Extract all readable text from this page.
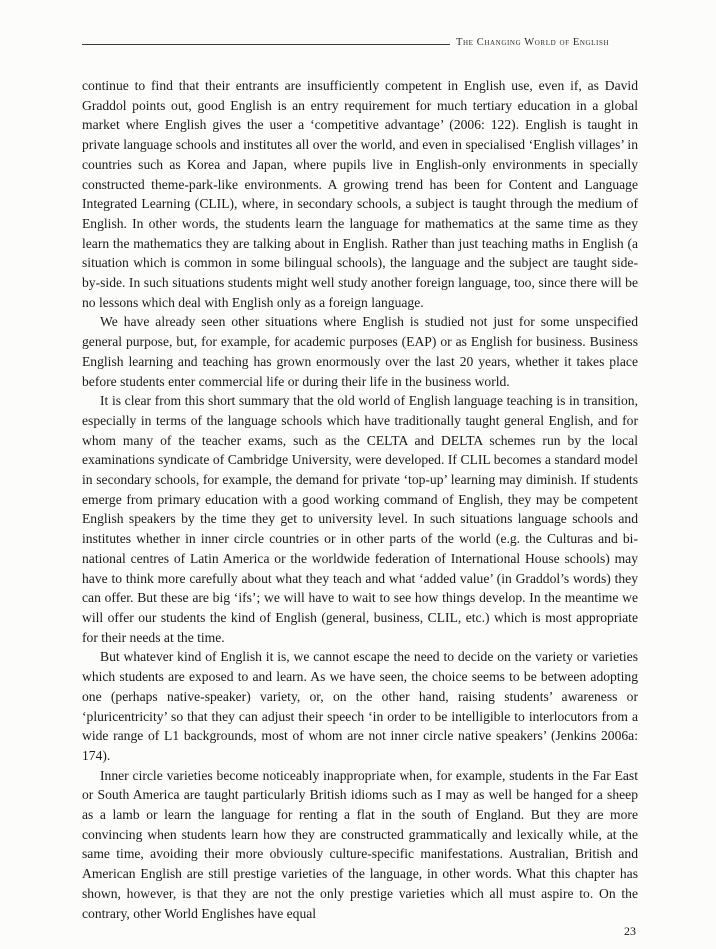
The Changing World of English

continue to find that their entrants are insufficiently competent in English use, even if, as David Graddol points out, good English is an entry requirement for much tertiary education in a global market where English gives the user a ‘competitive advantage’ (2006: 122). English is taught in private language schools and institutes all over the world, and even in specialised ‘English villages’ in countries such as Korea and Japan, where pupils live in English-only environments in specially constructed theme-park-like environments. A growing trend has been for Content and Language Integrated Learning (CLIL), where, in secondary schools, a subject is taught through the medium of English. In other words, the students learn the language for mathematics at the same time as they learn the mathematics they are talking about in English. Rather than just teaching maths in English (a situation which is common in some bilingual schools), the language and the subject are taught side-by-side. In such situations students might well study another foreign language, too, since there will be no lessons which deal with English only as a foreign language.

We have already seen other situations where English is studied not just for some unspecified general purpose, but, for example, for academic purposes (EAP) or as English for business. Business English learning and teaching has grown enormously over the last 20 years, whether it takes place before students enter commercial life or during their life in the business world.

It is clear from this short summary that the old world of English language teaching is in transition, especially in terms of the language schools which have traditionally taught general English, and for whom many of the teacher exams, such as the CELTA and DELTA schemes run by the local examinations syndicate of Cambridge University, were developed. If CLIL becomes a standard model in secondary schools, for example, the demand for private ‘top-up’ learning may diminish. If students emerge from primary education with a good working command of English, they may be competent English speakers by the time they get to university level. In such situations language schools and institutes whether in inner circle countries or in other parts of the world (e.g. the Culturas and bi-national centres of Latin America or the worldwide federation of International House schools) may have to think more carefully about what they teach and what ‘added value’ (in Graddol’s words) they can offer. But these are big ‘ifs’; we will have to wait to see how things develop. In the meantime we will offer our students the kind of English (general, business, CLIL, etc.) which is most appropriate for their needs at the time.

But whatever kind of English it is, we cannot escape the need to decide on the variety or varieties which students are exposed to and learn. As we have seen, the choice seems to be between adopting one (perhaps native-speaker) variety, or, on the other hand, raising students’ awareness or ‘pluricentricity’ so that they can adjust their speech ‘in order to be intelligible to interlocutors from a wide range of L1 backgrounds, most of whom are not inner circle native speakers’ (Jenkins 2006a: 174).

Inner circle varieties become noticeably inappropriate when, for example, students in the Far East or South America are taught particularly British idioms such as I may as well be hanged for a sheep as a lamb or learn the language for renting a flat in the south of England. But they are more convincing when students learn how they are constructed grammatically and lexically while, at the same time, avoiding their more obviously culture-specific manifestations. Australian, British and American English are still prestige varieties of the language, in other words. What this chapter has shown, however, is that they are not the only prestige varieties which all must aspire to. On the contrary, other World Englishes have equal

23
